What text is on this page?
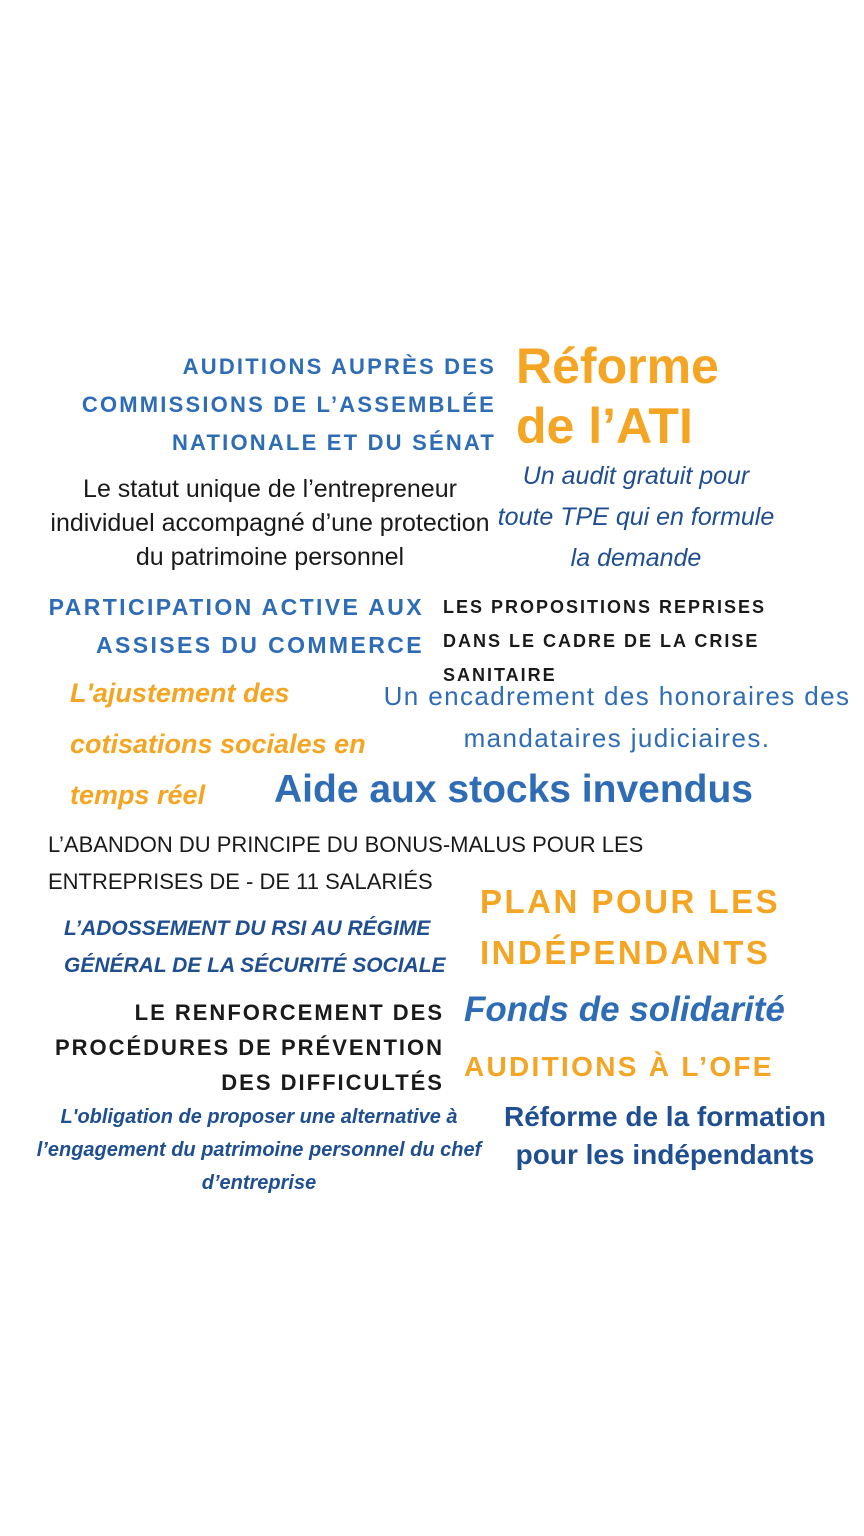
AUDITIONS AUPRÈS DES COMMISSIONS DE L’ASSEMBLÉE NATIONALE ET DU SÉNAT

Réforme de l’ATI

Le statut unique de l’entrepreneur individuel accompagné d’une protection du patrimoine personnel

Un audit gratuit pour toute TPE qui en formule la demande

PARTICIPATION ACTIVE AUX ASSISES DU COMMERCE

LES PROPOSITIONS REPRISES DANS LE CADRE DE LA CRISE SANITAIRE

L'ajustement des cotisations sociales en temps réel

Un encadrement des honoraires des mandataires judiciaires.

Aide aux stocks invendus

L’ABANDON DU PRINCIPE DU BONUS-MALUS POUR LES ENTREPRISES DE - DE 11 SALARIÉS

PLAN POUR LES INDÉPENDANTS

L’ADOSSEMENT DU RSI AU RÉGIME GÉNÉRAL DE LA SÉCURITÉ SOCIALE

LE RENFORCEMENT DES PROCÉDURES DE PRÉVENTION DES DIFFICULTÉS

Fonds de solidarité

AUDITIONS À L’OFE

L'obligation de proposer une alternative à l’engagement du patrimoine personnel du chef d’entreprise

Réforme de la formation pour les indépendants
